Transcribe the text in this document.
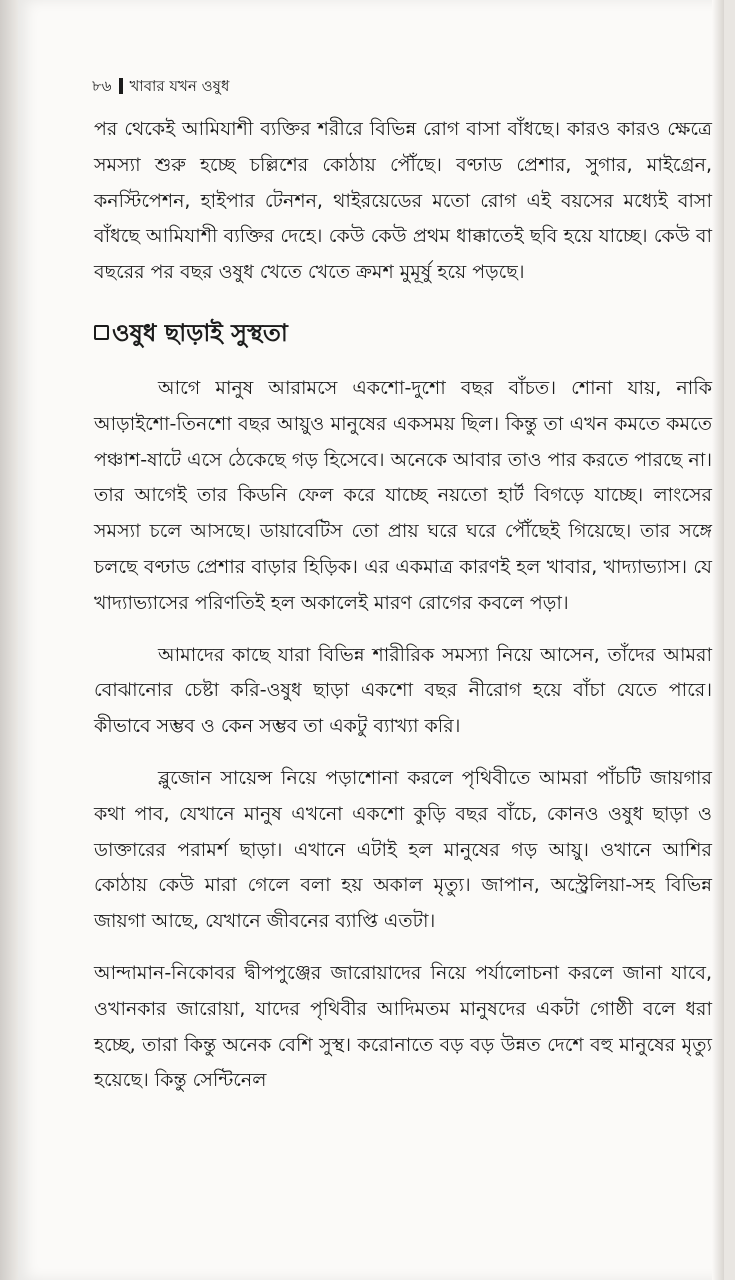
৮৬ খাবার যখন ওষুধ

পর থেকেই আমিযাশী ব্যক্তির শরীরে বিভিন্ন রোগ বাসা বাঁধছে। কারও কারও ক্ষেত্রে সমস্যা শুরু হচ্ছে চল্লিশের কোঠায় পৌঁছে। বণ্ঢাড প্রেশার, সুগার, মাইগ্রেন, কনস্টিপেশন, হাইপার টেনশন, থাইরয়েডের মতো রোগ এই বয়সের মধ্যেই বাসা বাঁধছে আমিযাশী ব্যক্তির দেহে। কেউ কেউ প্রথম ধাক্কাতেই ছবি হয়ে যাচ্ছে। কেউ বা বছরের পর বছর ওষুধ খেতে খেতে ক্রমশ মুমূর্ষু হয়ে পড়ছে।

ওষুধ ছাড়াই সুস্থতা

আগে মানুষ আরামসে একশো-দুশো বছর বাঁচত। শোনা যায়, নাকি আড়াইশো-তিনশো বছর আয়ুও মানুষের একসময় ছিল। কিন্তু তা এখন কমতে কমতে পঞ্চাশ-ষাটে এসে ঠেকেছে গড় হিসেবে। অনেকে আবার তাও পার করতে পারছে না। তার আগেই তার কিডনি ফেল করে যাচ্ছে নয়তো হার্ট বিগড়ে যাচ্ছে। লাংসের সমস্যা চলে আসছে। ডায়াবেটিস তো প্রায় ঘরে ঘরে পৌঁছেই গিয়েছে। তার সঙ্গে চলছে বণ্ঢাড প্রেশার বাড়ার হিড়িক। এর একমাত্র কারণই হল খাবার, খাদ্যাভ্যাস। যে খাদ্যাভ্যাসের পরিণতিই হল অকালেই মারণ রোগের কবলে পড়া।

আমাদের কাছে যারা বিভিন্ন শারীরিক সমস্যা নিয়ে আসেন, তাঁদের আমরা বোঝানোর চেষ্টা করি-ওষুধ ছাড়া একশো বছর নীরোগ হয়ে বাঁচা যেতে পারে। কীভাবে সম্ভব ও কেন সম্ভব তা একটু ব্যাখ্যা করি।

ব্লুজোন সায়েন্স নিয়ে পড়াশোনা করলে পৃথিবীতে আমরা পাঁচটি জায়গার কথা পাব, যেখানে মানুষ এখনো একশো কুড়ি বছর বাঁচে, কোনও ওষুধ ছাড়া ও ডাক্তারের পরামর্শ ছাড়া। এখানে এটাই হল মানুষের গড় আয়ু। ওখানে আশির কোঠায় কেউ মারা গেলে বলা হয় অকাল মৃত্যু। জাপান, অস্ট্রেলিয়া-সহ বিভিন্ন জায়গা আছে, যেখানে জীবনের ব্যাপ্তি এতটা।

আন্দামান-নিকোবর দ্বীপপুঞ্জের জারোয়াদের নিয়ে পর্যালোচনা করলে জানা যাবে, ওখানকার জারোয়া, যাদের পৃথিবীর আদিমতম মানুষদের একটা গোষ্ঠী বলে ধরা হচ্ছে, তারা কিন্তু অনেক বেশি সুস্থ। করোনাতে বড় বড় উন্নত দেশে বহু মানুষের মৃত্যু হয়েছে। কিন্তু সেন্টিনেল
